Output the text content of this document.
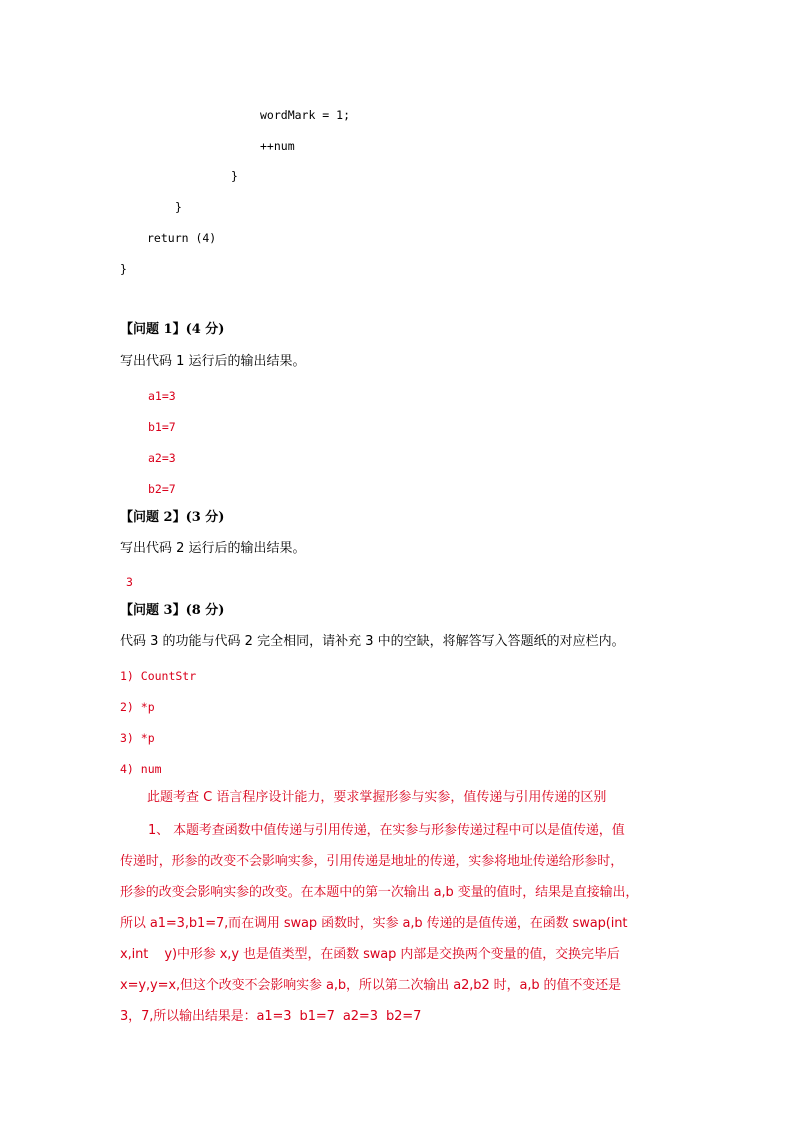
wordMark = 1;
++num
}
}
return (4)
}
【问题 1】(4 分)
写出代码 1 运行后的输出结果。
a1=3
b1=7
a2=3
b2=7
【问题 2】(3 分)
写出代码 2 运行后的输出结果。
3
【问题 3】(8 分)
代码 3 的功能与代码 2 完全相同，请补充 3 中的空缺，将解答写入答题纸的对应栏内。
1) CountStr
2) *p
3) *p
4) num
此题考查 C 语言程序设计能力，要求掌握形参与实参，值传递与引用传递的区别
1、 本题考查函数中值传递与引用传递，在实参与形参传递过程中可以是值传递，值
传递时，形参的改变不会影响实参，引用传递是地址的传递，实参将地址传递给形参时，
形参的改变会影响实参的改变。在本题中的第一次输出 a,b 变量的值时，结果是直接输出，
所以 a1=3,b1=7,而在调用 swap 函数时，实参 a,b 传递的是值传递，在函数 swap(int
x,int    y)中形参 x,y 也是值类型，在函数 swap 内部是交换两个变量的值，交换完毕后
x=y,y=x,但这个改变不会影响实参 a,b，所以第二次输出 a2,b2 时，a,b 的值不变还是
3，7,所以输出结果是：a1=3  b1=7  a2=3  b2=7
